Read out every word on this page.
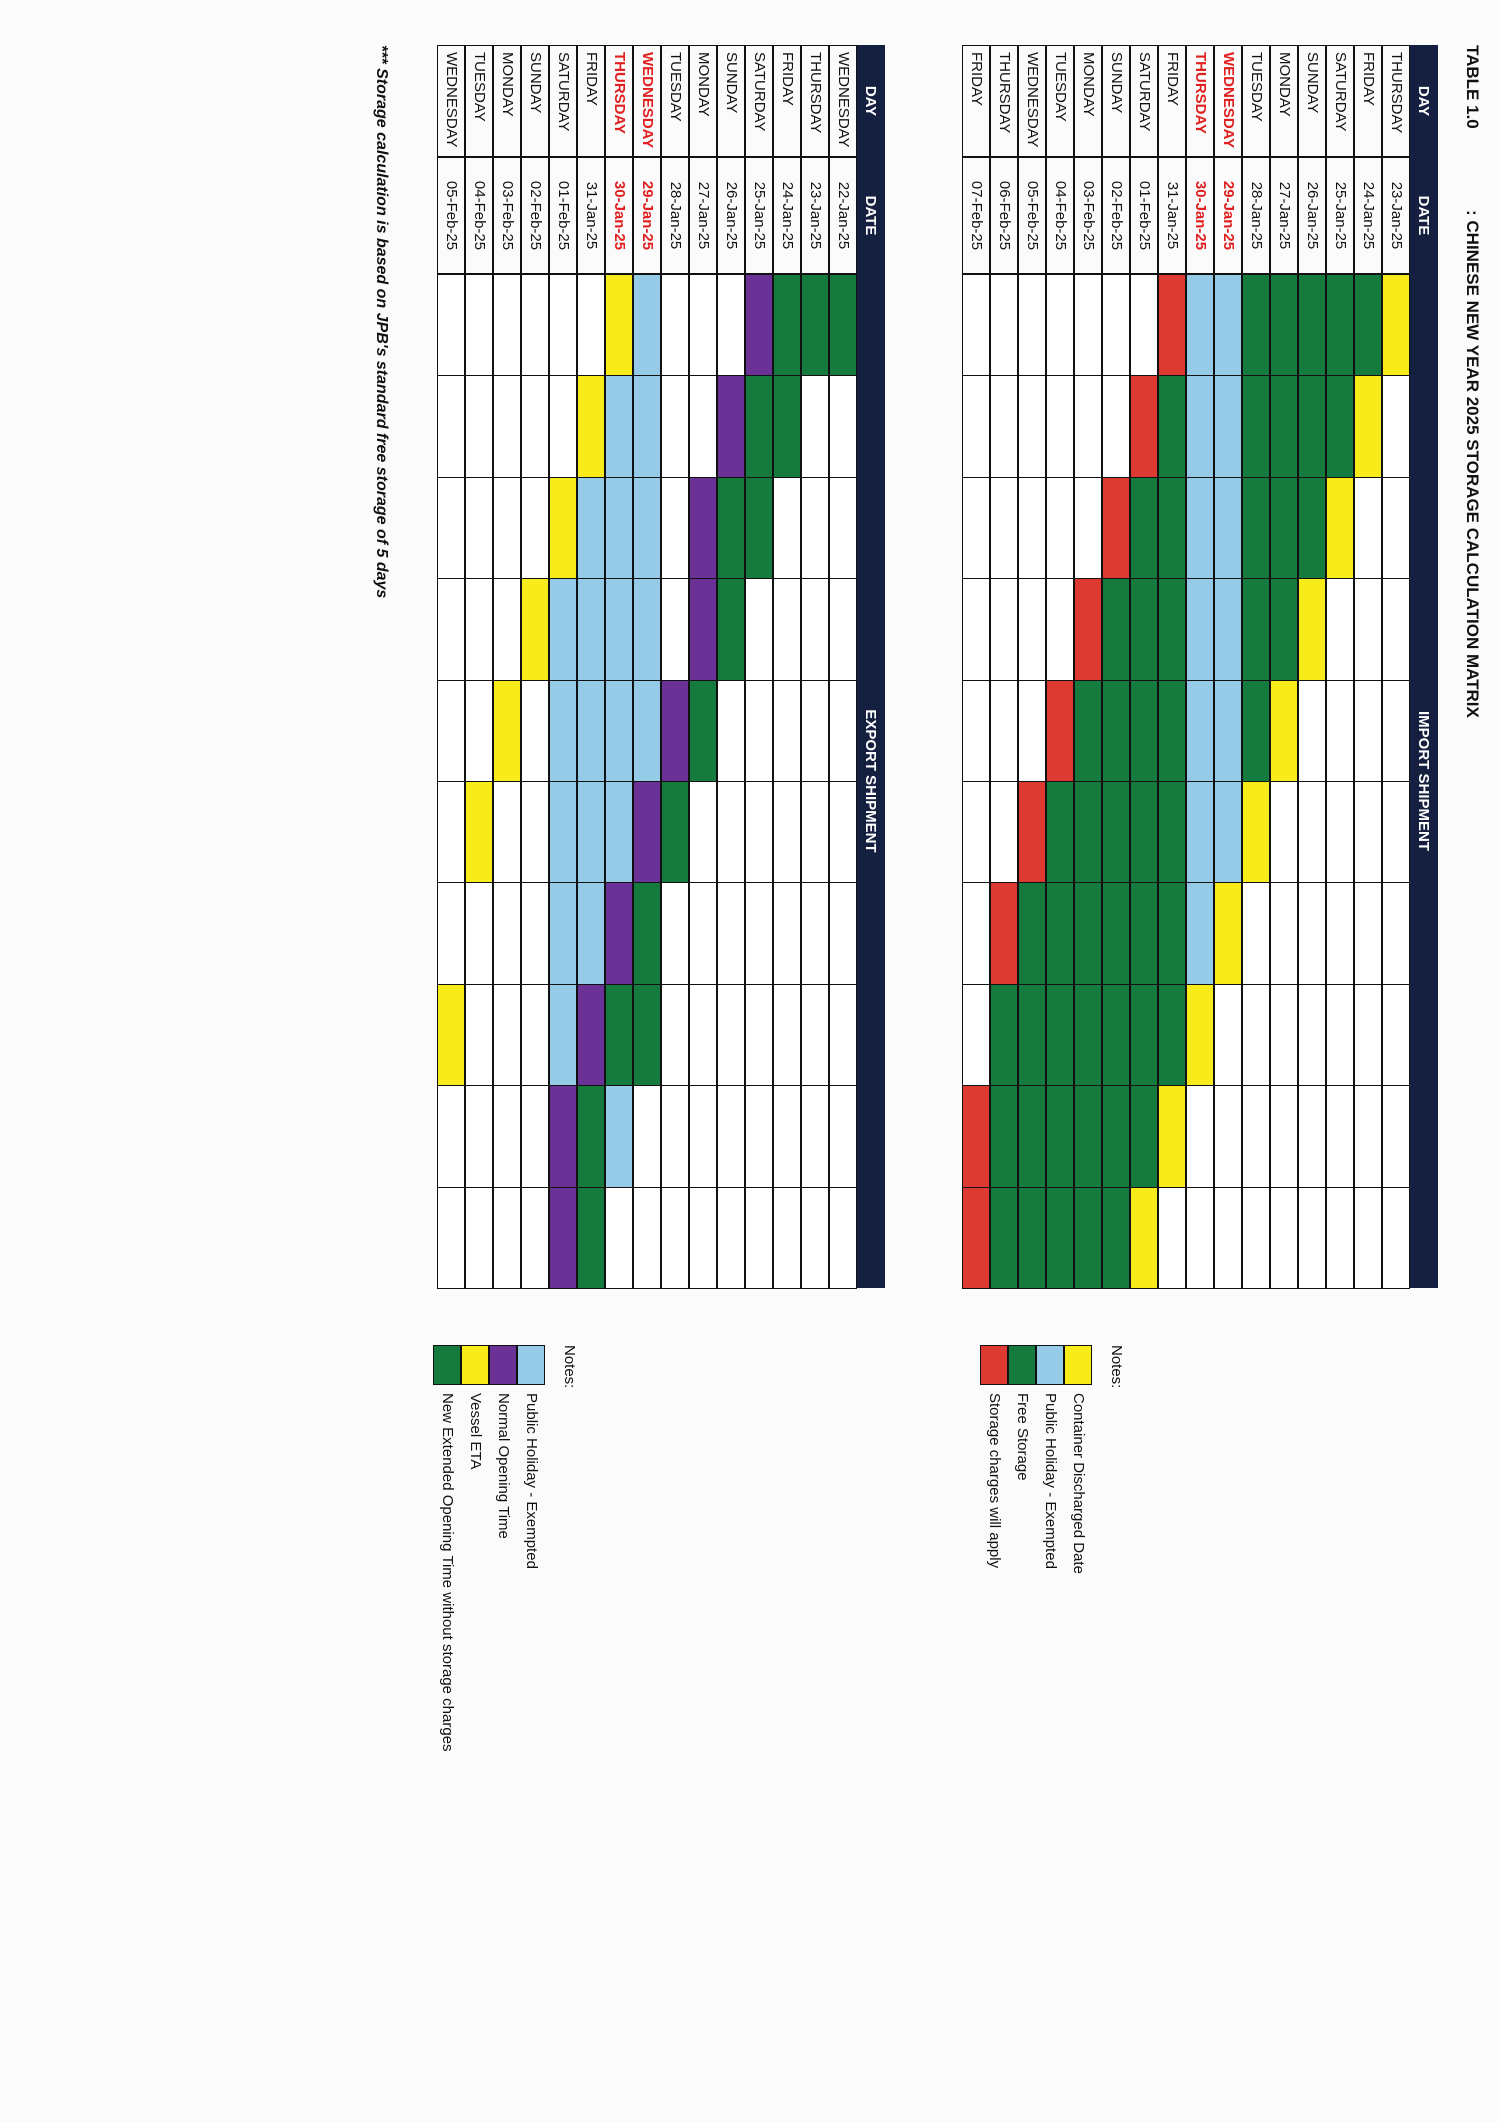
TABLE 1.0
: CHINESE NEW YEAR 2025 STORAGE CALCULATION MATRIX
DAY
DATE
IMPORT SHIPMENT
THURSDAY
23-Jan-25
FRIDAY
24-Jan-25
SATURDAY
25-Jan-25
SUNDAY
26-Jan-25
MONDAY
27-Jan-25
TUESDAY
28-Jan-25
WEDNESDAY
29-Jan-25
THURSDAY
30-Jan-25
FRIDAY
31-Jan-25
SATURDAY
01-Feb-25
SUNDAY
02-Feb-25
MONDAY
03-Feb-25
TUESDAY
04-Feb-25
WEDNESDAY
05-Feb-25
THURSDAY
06-Feb-25
FRIDAY
07-Feb-25
Notes:
Container Discharged Date
Public Holiday - Exempted
Free Storage
Storage charges will apply
DAY
DATE
EXPORT SHIPMENT
WEDNESDAY
22-Jan-25
THURSDAY
23-Jan-25
FRIDAY
24-Jan-25
SATURDAY
25-Jan-25
SUNDAY
26-Jan-25
MONDAY
27-Jan-25
TUESDAY
28-Jan-25
WEDNESDAY
29-Jan-25
THURSDAY
30-Jan-25
FRIDAY
31-Jan-25
SATURDAY
01-Feb-25
SUNDAY
02-Feb-25
MONDAY
03-Feb-25
TUESDAY
04-Feb-25
WEDNESDAY
05-Feb-25
Notes:
Public Holiday - Exempted
Normal Opening Time
Vessel ETA
New Extended Opening Time without storage charges
*** Storage calculation is based on JPB's standard free storage of 5 days
